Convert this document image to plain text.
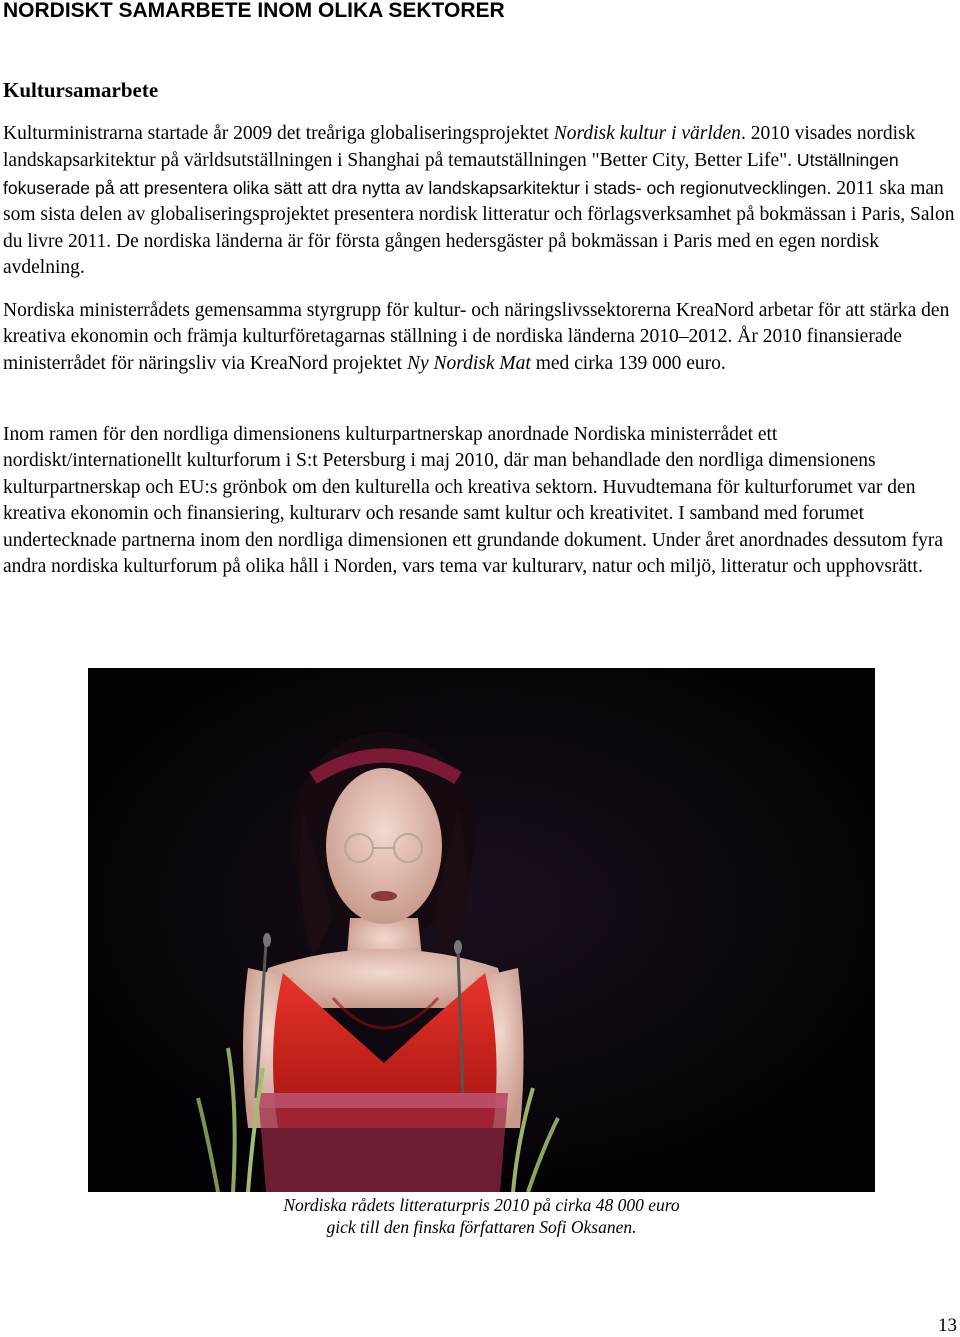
NORDISKT SAMARBETE INOM OLIKA SEKTORER
Kultursamarbete

Kulturministrarna startade år 2009 det treåriga globaliseringsprojektet Nordisk kultur i världen. 2010 visades nordisk landskapsarkitektur på världsutställningen i Shanghai på temautställningen "Better City, Better Life". Utställningen fokuserade på att presentera olika sätt att dra nytta av landskapsarkitektur i stads- och regionutvecklingen. 2011 ska man som sista delen av globaliseringsprojektet presentera nordisk litteratur och förlagsverksamhet på bokmässan i Paris, Salon du livre 2011. De nordiska länderna är för första gången hedersgäster på bokmässan i Paris med en egen nordisk avdelning.

Nordiska ministerrådets gemensamma styrgrupp för kultur- och näringslivssektorerna KreaNord arbetar för att stärka den kreativa ekonomin och främja kulturföretagarnas ställning i de nordiska länderna 2010–2012. År 2010 finansierade ministerrådet för näringsliv via KreaNord projektet Ny Nordisk Mat med cirka 139 000 euro.

Inom ramen för den nordliga dimensionens kulturpartnerskap anordnade Nordiska ministerrådet ett nordiskt/internationellt kulturforum i S:t Petersburg i maj 2010, där man behandlade den nordliga dimensionens kulturpartnerskap och EU:s grönbok om den kulturella och kreativa sektorn. Huvudtemana för kulturforumet var den kreativa ekonomin och finansiering, kulturarv och resande samt kultur och kreativitet. I samband med forumet undertecknade partnerna inom den nordliga dimensionen ett grundande dokument. Under året anordnades dessutom fyra andra nordiska kulturforum på olika håll i Norden, vars tema var kulturarv, natur och miljö, litteratur och upphovsrätt.

Nordiska rådets litteraturpris 2010 på cirka 48 000 euro

gick till den finska författaren Sofi Oksanen.

13
